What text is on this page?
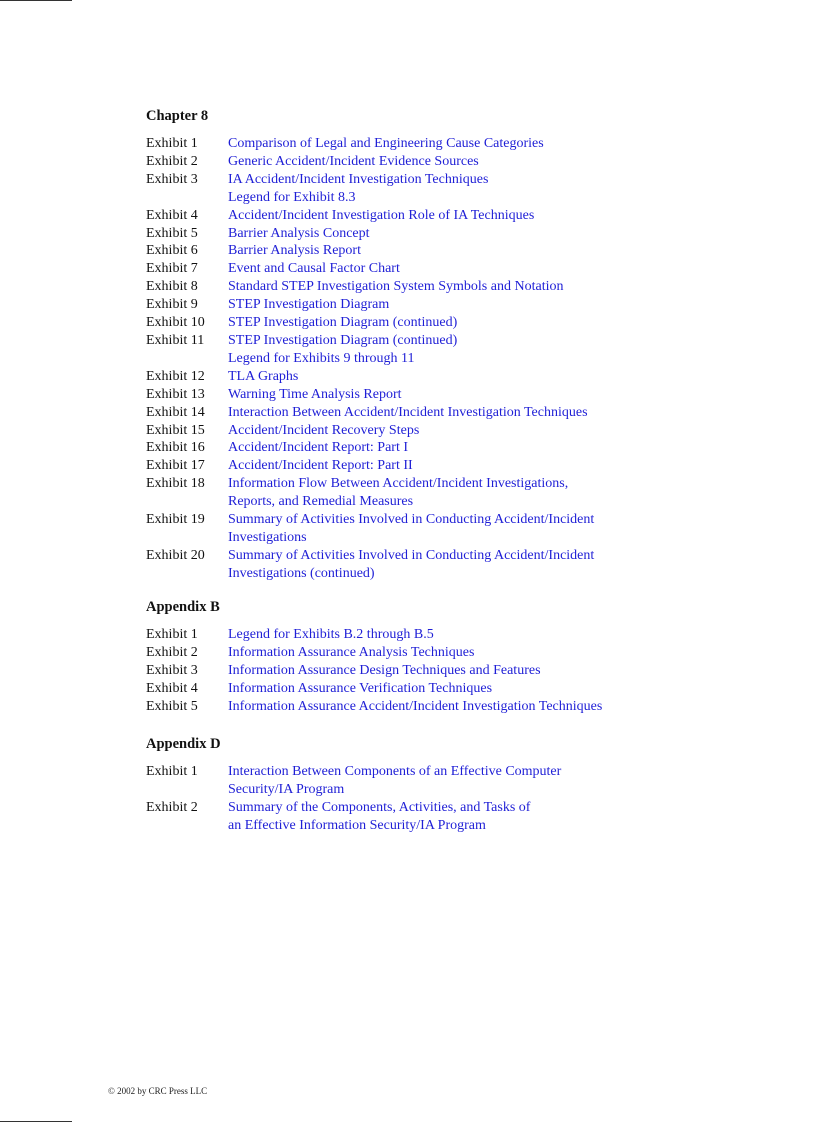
Chapter 8
Exhibit 1	Comparison of Legal and Engineering Cause Categories
Exhibit 2	Generic Accident/Incident Evidence Sources
Exhibit 3	IA Accident/Incident Investigation Techniques
Legend for Exhibit 8.3
Exhibit 4	Accident/Incident Investigation Role of IA Techniques
Exhibit 5	Barrier Analysis Concept
Exhibit 6	Barrier Analysis Report
Exhibit 7	Event and Causal Factor Chart
Exhibit 8	Standard STEP Investigation System Symbols and Notation
Exhibit 9	STEP Investigation Diagram
Exhibit 10	STEP Investigation Diagram (continued)
Exhibit 11	STEP Investigation Diagram (continued)
Legend for Exhibits 9 through 11
Exhibit 12	TLA Graphs
Exhibit 13	Warning Time Analysis Report
Exhibit 14	Interaction Between Accident/Incident Investigation Techniques
Exhibit 15	Accident/Incident Recovery Steps
Exhibit 16	Accident/Incident Report: Part I
Exhibit 17	Accident/Incident Report: Part II
Exhibit 18	Information Flow Between Accident/Incident Investigations,
Reports, and Remedial Measures
Exhibit 19	Summary of Activities Involved in Conducting Accident/Incident
Investigations
Exhibit 20	Summary of Activities Involved in Conducting Accident/Incident
Investigations (continued)
Appendix B
Exhibit 1	Legend for Exhibits B.2 through B.5
Exhibit 2	Information Assurance Analysis Techniques
Exhibit 3	Information Assurance Design Techniques and Features
Exhibit 4	Information Assurance Verification Techniques
Exhibit 5	Information Assurance Accident/Incident Investigation Techniques
Appendix D
Exhibit 1	Interaction Between Components of an Effective Computer
Security/IA Program
Exhibit 2	Summary of the Components, Activities, and Tasks of
an Effective Information Security/IA Program
© 2002 by CRC Press LLC
